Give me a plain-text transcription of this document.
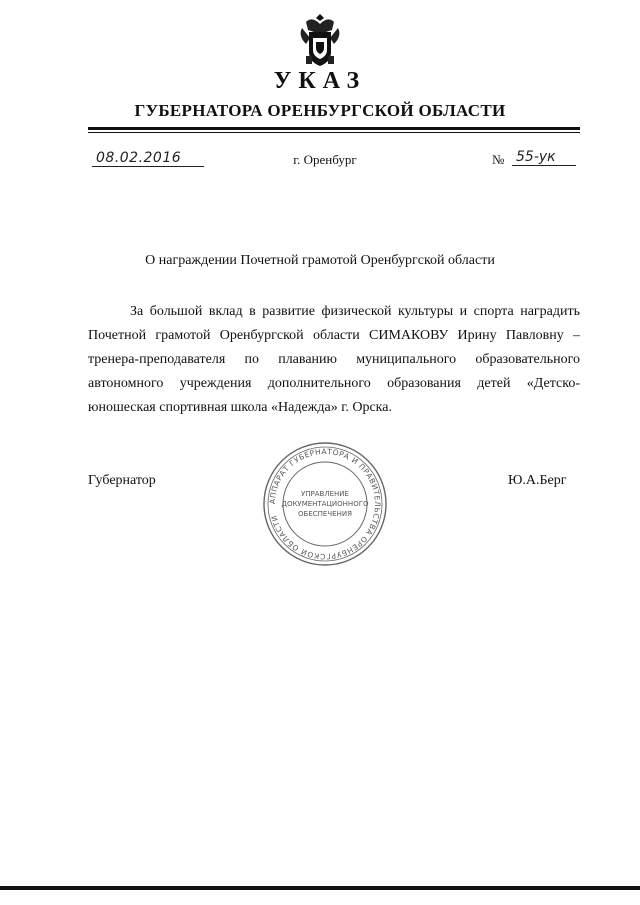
УКАЗ
ГУБЕРНАТОРА ОРЕНБУРГСКОЙ ОБЛАСТИ
08.02.2016	г. Оренбург	№ 55-ук
О награждении Почетной грамотой Оренбургской области
За большой вклад в развитие физической культуры и спорта наградить Почетной грамотой Оренбургской области СИМАКОВУ Ирину Павловну – тренера-преподавателя по плаванию муниципального образовательного автономного учреждения дополнительного образования детей «Детско-юношеская спортивная школа «Надежда» г. Орска.
Губернатор	Ю.А.Берг
АППАРАТ ГУБЕРНАТОРА И ПРАВИТЕЛЬСТВА ОРЕНБУРГСКОЙ ОБЛАСТИ
УПРАВЛЕНИЕ
ДОКУМЕНТАЦИОННОГО
ОБЕСПЕЧЕНИЯ
